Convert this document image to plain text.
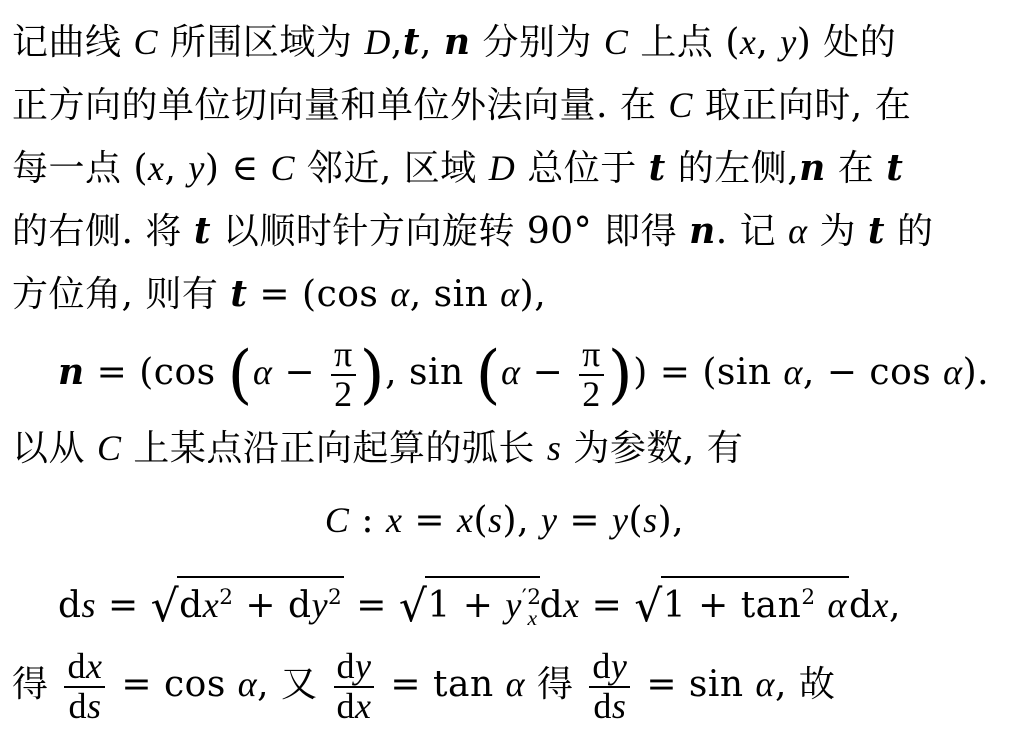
记曲线 C 所围区域为 D,t, n 分别为 C 上点 (x, y) 处的
正方向的单位切向量和单位外法向量. 在 C 取正向时, 在
每一点 (x, y) ∈ C 邻近, 区域 D 总位于 t 的左侧,n 在 t
的右侧. 将 t 以顺时针方向旋转 90° 即得 n. 记 α 为 t 的
方位角, 则有 t = (cos α, sin α),
n = (cos ($\alpha - \frac{\pi}{2}$ ), $\sin (\alpha - \frac{\pi}{2}$ )) = (sin α, − cos α).
以从 C 上某点沿正向起算的弧长 s 为参数, 有
C : x = x(s), y = y(s),
ds = $√dx^2 + dy^2 = √1 + y^{'2}_xdx = √1 + \tan^2 \alpha dx$,
得 $\frac{dx}{ds} = \cos \alpha$, 又 $\frac{dy}{dx} = \tan \alpha$ 得 $\frac{dy}{ds} = \sin \alpha$, 故
